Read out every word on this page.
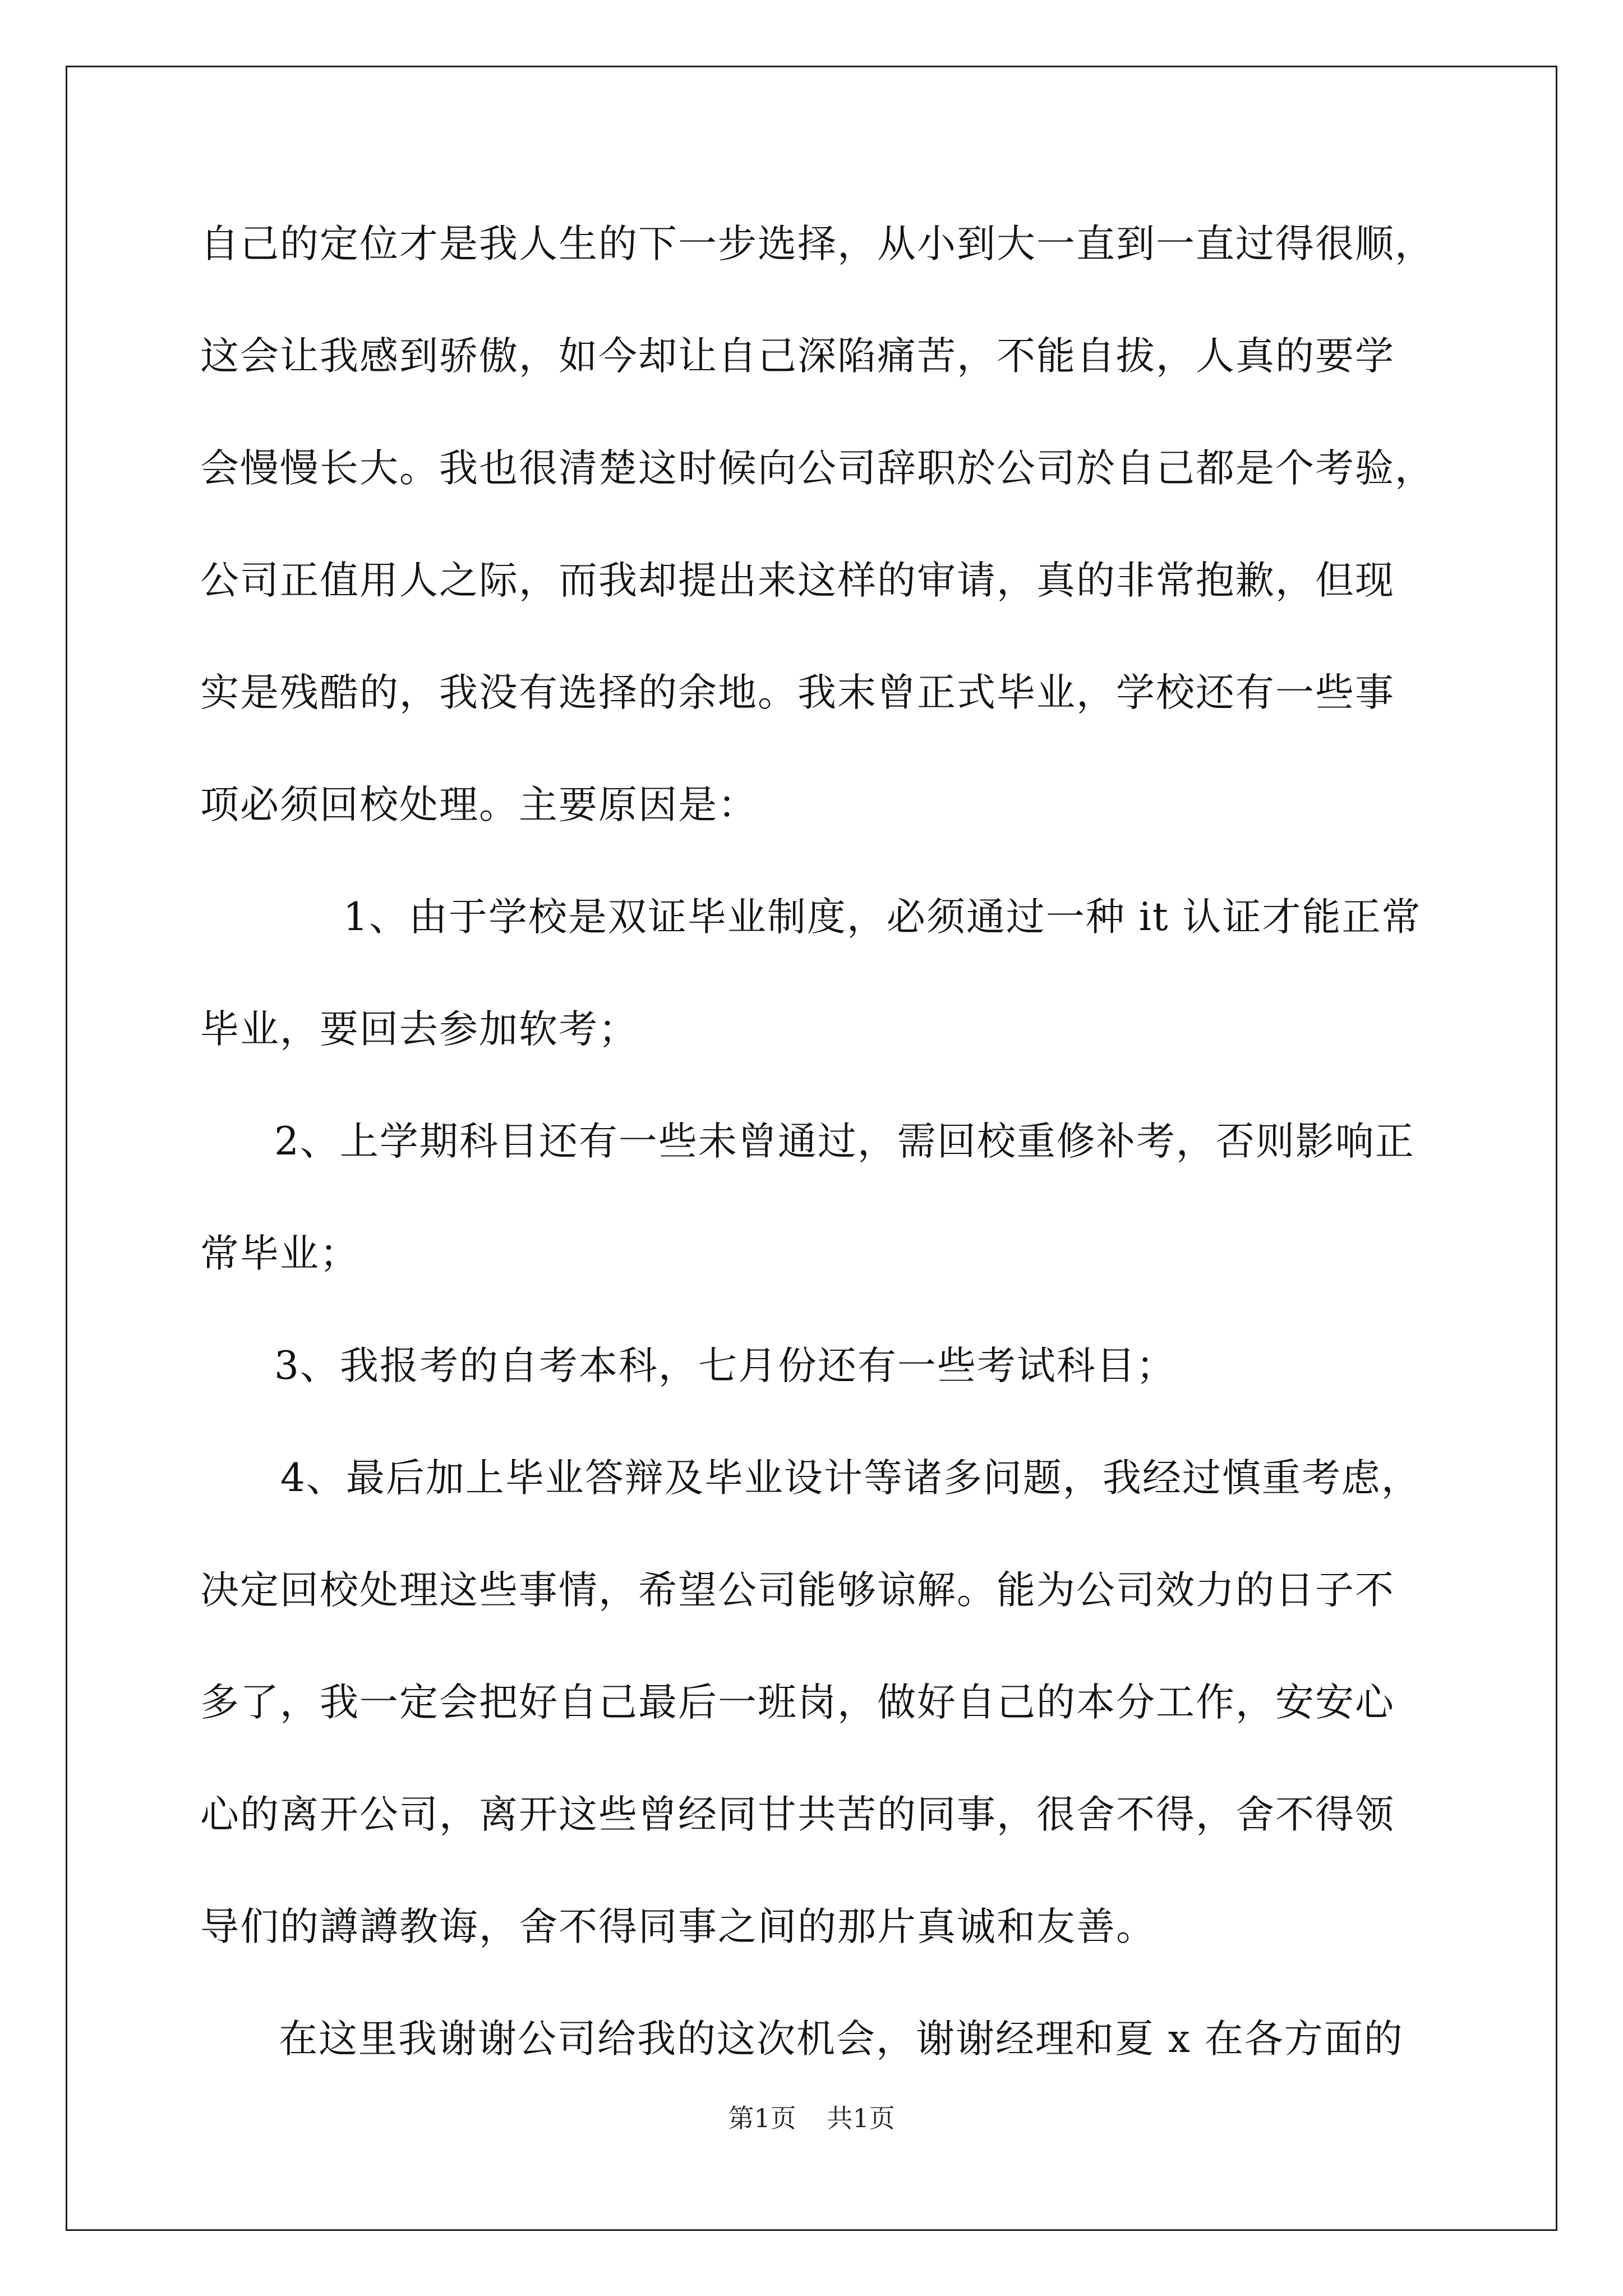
自己的定位才是我人生的下一步选择，从小到大一直到一直过得很顺，
这会让我感到骄傲，如今却让自己深陷痛苦，不能自拔，人真的要学
会慢慢长大。我也很清楚这时候向公司辞职於公司於自己都是个考验，
公司正值用人之际，而我却提出来这样的审请，真的非常抱歉，但现
实是残酷的，我没有选择的余地。我末曾正式毕业，学校还有一些事
项必须回校处理。主要原因是：
1、由于学校是双证毕业制度，必须通过一种 it 认证才能正常
毕业，要回去参加软考；
2、上学期科目还有一些未曾通过，需回校重修补考，否则影响正
常毕业；
3、我报考的自考本科，七月份还有一些考试科目；
4、最后加上毕业答辩及毕业设计等诸多问题，我经过慎重考虑，
决定回校处理这些事情，希望公司能够谅解。能为公司效力的日子不
多了，我一定会把好自己最后一班岗，做好自己的本分工作，安安心
心的离开公司，离开这些曾经同甘共苦的同事，很舍不得，舍不得领
导们的譐譐教诲，舍不得同事之间的那片真诚和友善。
在这里我谢谢公司给我的这次机会，谢谢经理和夏 x 在各方面的
第1页 共1页
